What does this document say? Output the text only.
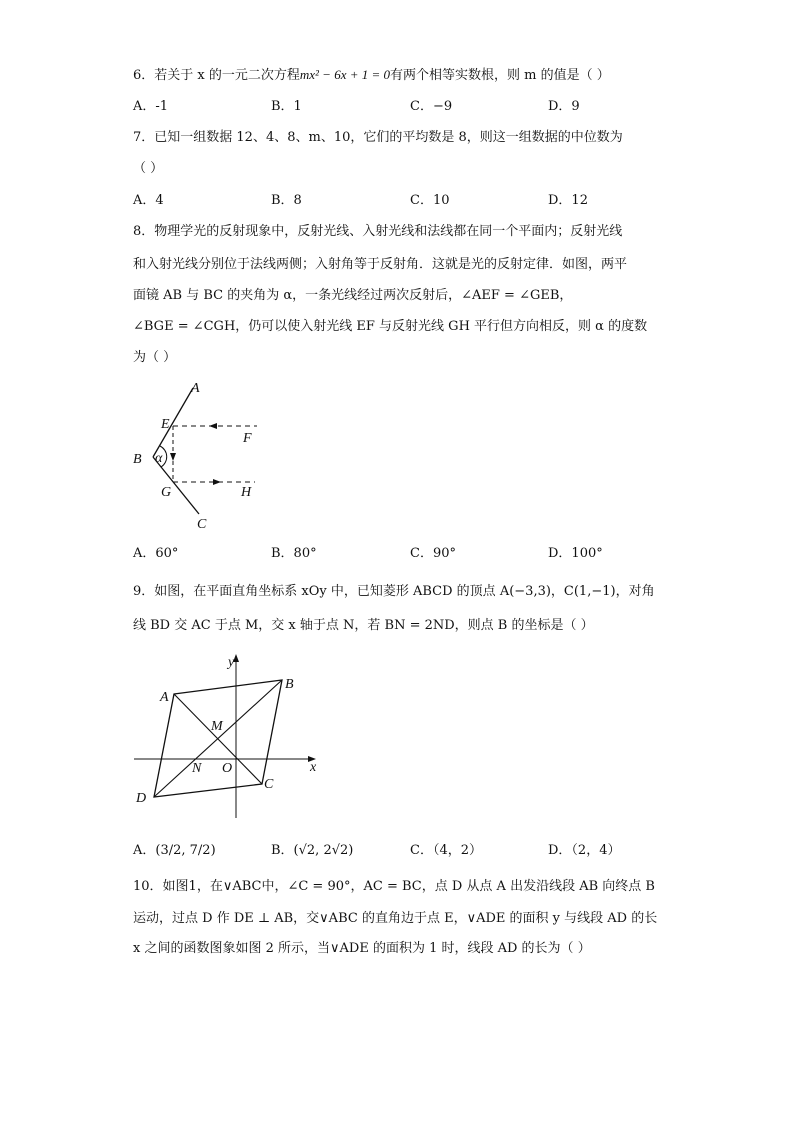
6．若关于 x 的一元二次方程mx² − 6x + 1 = 0有两个相等实数根，则 m 的值是（ ）
A．-1	B．1	C．−9	D．9
7．已知一组数据 12、4、8、m、10，它们的平均数是 8，则这一组数据的中位数为
（ ）
A．4	B．8	C．10	D．12
8．物理学光的反射现象中，反射光线、入射光线和法线都在同一个平面内；反射光线
和入射光线分别位于法线两侧；入射角等于反射角．这就是光的反射定律．如图，两平
面镜 AB 与 BC 的夹角为 α，一条光线经过两次反射后，∠AEF = ∠GEB，
∠BGE = ∠CGH，仍可以使入射光线 EF 与反射光线 GH 平行但方向相反，则 α 的度数
为（ ）
A
E
F
B α
G	H
C
A．60°	B．80°	C．90°	D．100°
9．如图，在平面直角坐标系 xOy 中，已知菱形 ABCD 的顶点 A(−3,3)，C(1,−1)，对角
线 BD 交 AC 于点 M，交 x 轴于点 N，若 BN = 2ND，则点 B 的坐标是（ ）
y
x
A
B
M
N O
C
D
A．(3/2, 7/2)	B．(√2, 2√2)	C．（4，2）	D．（2，4）
10．如图1，在∨ABC中，∠C = 90°，AC = BC，点 D 从点 A 出发沿线段 AB 向终点 B
运动，过点 D 作 DE ⊥ AB，交∨ABC 的直角边于点 E，∨ADE 的面积 y 与线段 AD 的长
x 之间的函数图象如图 2 所示，当∨ADE 的面积为 1 时，线段 AD 的长为（ ）
